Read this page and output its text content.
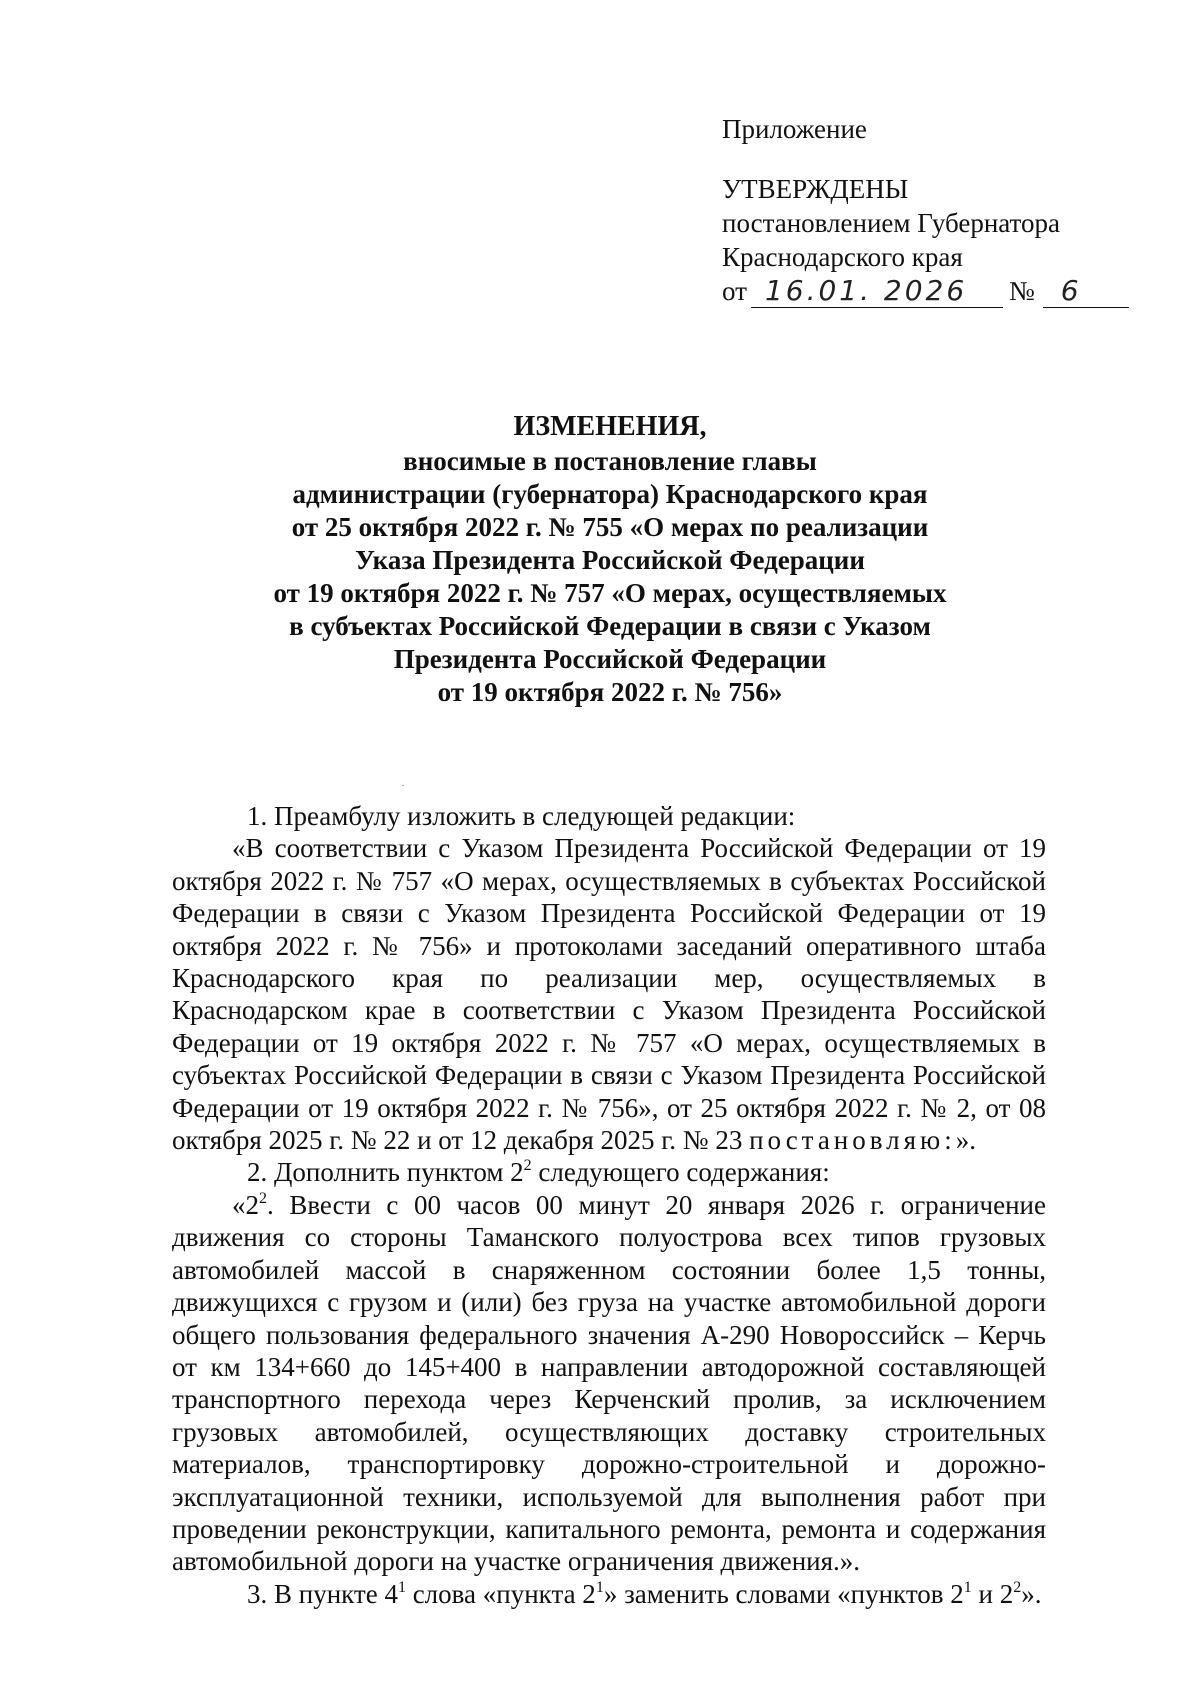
Приложение
УТВЕРЖДЕНЫ
постановлением Губернатора
Краснодарского края
от 16.01. 2026	№ 6
ИЗМЕНЕНИЯ,
вносимые в постановление главы
администрации (губернатора) Краснодарского края
от 25 октября 2022 г. № 755 «О мерах по реализации
Указа Президента Российской Федерации
от 19 октября 2022 г. № 757 «О мерах, осуществляемых
в субъектах Российской Федерации в связи с Указом
Президента Российской Федерации
от 19 октября 2022 г. № 756»
·

1. Преамбулу изложить в следующей редакции:

«В соответствии с Указом Президента Российской Федерации от 19 октября 2022 г. № 757 «О мерах, осуществляемых в субъектах Российской Федерации в связи с Указом Президента Российской Федерации от 19 октября 2022 г. № 756» и протоколами заседаний оперативного штаба Краснодарского края по реализации мер, осуществляемых в Краснодарском крае в соответствии с Указом Президента Российской Федерации от 19 октября 2022 г. № 757 «О мерах, осуществляемых в субъектах Российской Федерации в связи с Указом Президента Российской Федерации от 19 октября 2022 г. № 756», от 25 октября 2022 г. № 2, от 08 октября 2025 г. № 22 и от 12 декабря 2025 г. № 23 постановляю:».

2. Дополнить пунктом $2^2$ следующего содержания:

«$2^2$. Ввести с 00 часов 00 минут 20 января 2026 г. ограничение движения со стороны Таманского полуострова всех типов грузовых автомобилей массой в снаряженном состоянии более 1,5 тонны, движущихся с грузом и (или) без груза на участке автомобильной дороги общего пользования федерального значения А-290 Новороссийск – Керчь от км 134+660 до 145+400 в направлении автодорожной составляющей транспортного перехода через Керченский пролив, за исключением грузовых автомобилей, осуществляющих доставку строительных материалов, транспортировку дорожно-строительной и дорожно-эксплуатационной техники, используемой для выполнения работ при проведении реконструкции, капитального ремонта, ремонта и содержания автомобильной дороги на участке ограничения движения.».

3. В пункте $4^1$ слова «пункта $2^1$» заменить словами «пунктов $2^1$ и $2^2$».
